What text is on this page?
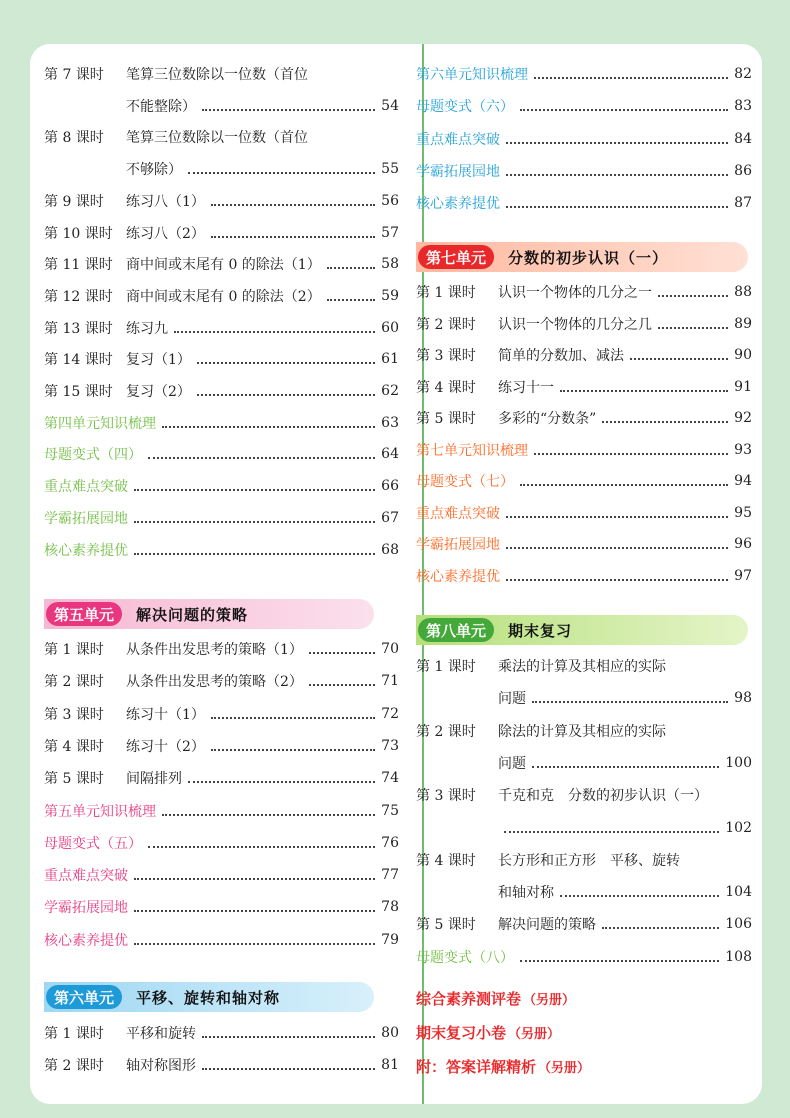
第 7 课时	笔算三位数除以一位数（首位
不能整除）	54
第 8 课时	笔算三位数除以一位数（首位
不够除）	55
第 9 课时	练习八（1）	56
第 10 课时 练习八（2）	57
第 11 课时 商中间或末尾有 0 的除法（1）	58
第 12 课时 商中间或末尾有 0 的除法（2）	59
第 13 课时 练习九	60
第 14 课时 复习（1）	61
第 15 课时 复习（2）	62
第四单元知识梳理	63
母题变式（四）	64
重点难点突破	66
学霸拓展园地	67
核心素养提优	68
第五单元	解决问题的策略
第 1 课时	从条件出发思考的策略（1）	70
第 2 课时	从条件出发思考的策略（2）	71
第 3 课时	练习十（1）	72
第 4 课时	练习十（2）	73
第 5 课时	间隔排列	74
第五单元知识梳理	75
母题变式（五）	76
重点难点突破	77
学霸拓展园地	78
核心素养提优	79
第六单元	平移、旋转和轴对称
第 1 课时	平移和旋转	80
第 2 课时	轴对称图形	81
第六单元知识梳理	82
母题变式（六）	83
重点难点突破	84
学霸拓展园地	86
核心素养提优	87
第七单元	分数的初步认识（一）
第 1 课时	认识一个物体的几分之一	88
第 2 课时	认识一个物体的几分之几	89
第 3 课时	简单的分数加、减法	90
第 4 课时	练习十一	91
第 5 课时	多彩的“分数条”	92
第七单元知识梳理	93
母题变式（七）	94
重点难点突破	95
学霸拓展园地	96
核心素养提优	97
第八单元	期末复习
第 1 课时	乘法的计算及其相应的实际
问题	98
第 2 课时	除法的计算及其相应的实际
问题	100
第 3 课时	千克和克　分数的初步认识（一）
102
第 4 课时	长方形和正方形　平移、旋转
和轴对称	104
第 5 课时	解决问题的策略	106
母题变式（八）	108
综合素养测评卷 （另册）
期末复习小卷 （另册）
附：答案详解精析 （另册）
